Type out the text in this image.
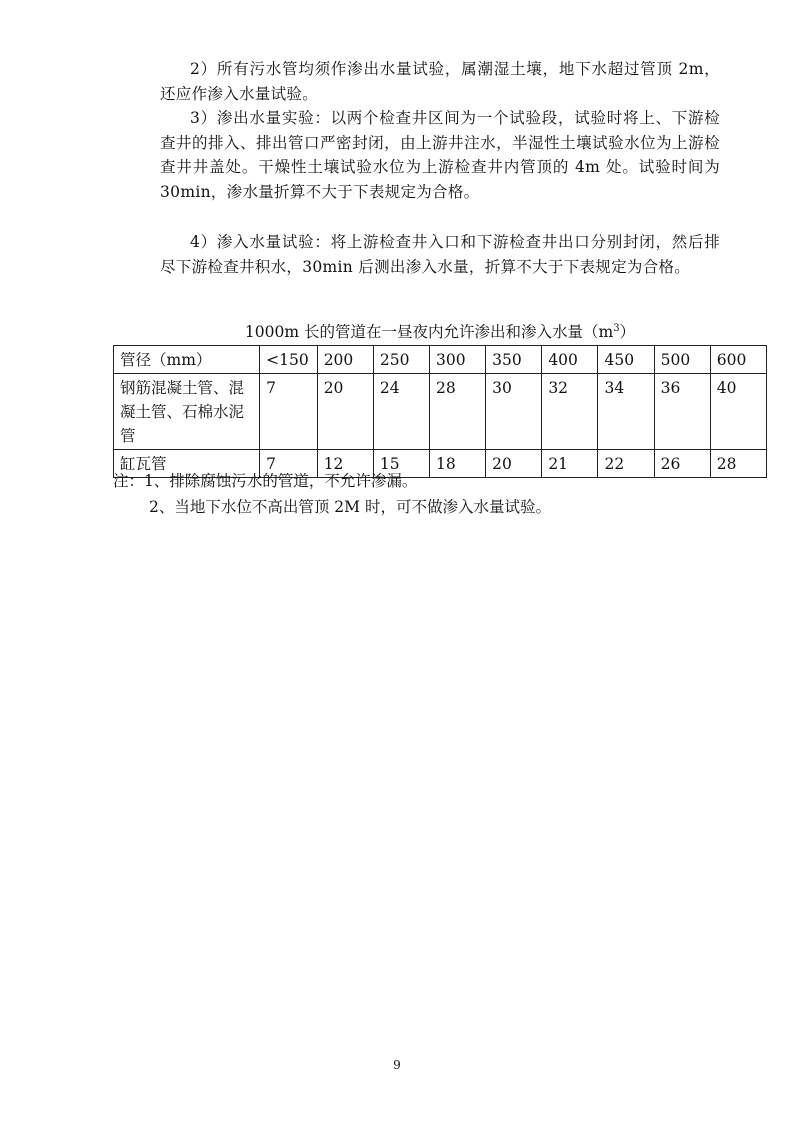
2）所有污水管均须作渗出水量试验，属潮湿土壤，地下水超过管顶 2m，还应作渗入水量试验。

3）渗出水量实验：以两个检查井区间为一个试验段，试验时将上、下游检查井的排入、排出管口严密封闭，由上游井注水，半湿性土壤试验水位为上游检查井井盖处。干燥性土壤试验水位为上游检查井内管顶的 4m 处。试验时间为 30min，渗水量折算不大于下表规定为合格。

4）渗入水量试验：将上游检查井入口和下游检查井出口分别封闭，然后排尽下游检查井积水，30min 后测出渗入水量，折算不大于下表规定为合格。

1000m 长的管道在一昼夜内允许渗出和渗入水量$(m^3)$
管径（mm）	<150	200	250	300	350	400	450	500	600
钢筋混凝土管、混凝土管、石棉水泥管	7	20	24	28	30	32	34	36	40
缸瓦管	7	12	15	18	20	21	22	26	28
注：1、排除腐蚀污水的管道，不允许渗漏。
2、当地下水位不高出管顶 2M 时，可不做渗入水量试验。
9
